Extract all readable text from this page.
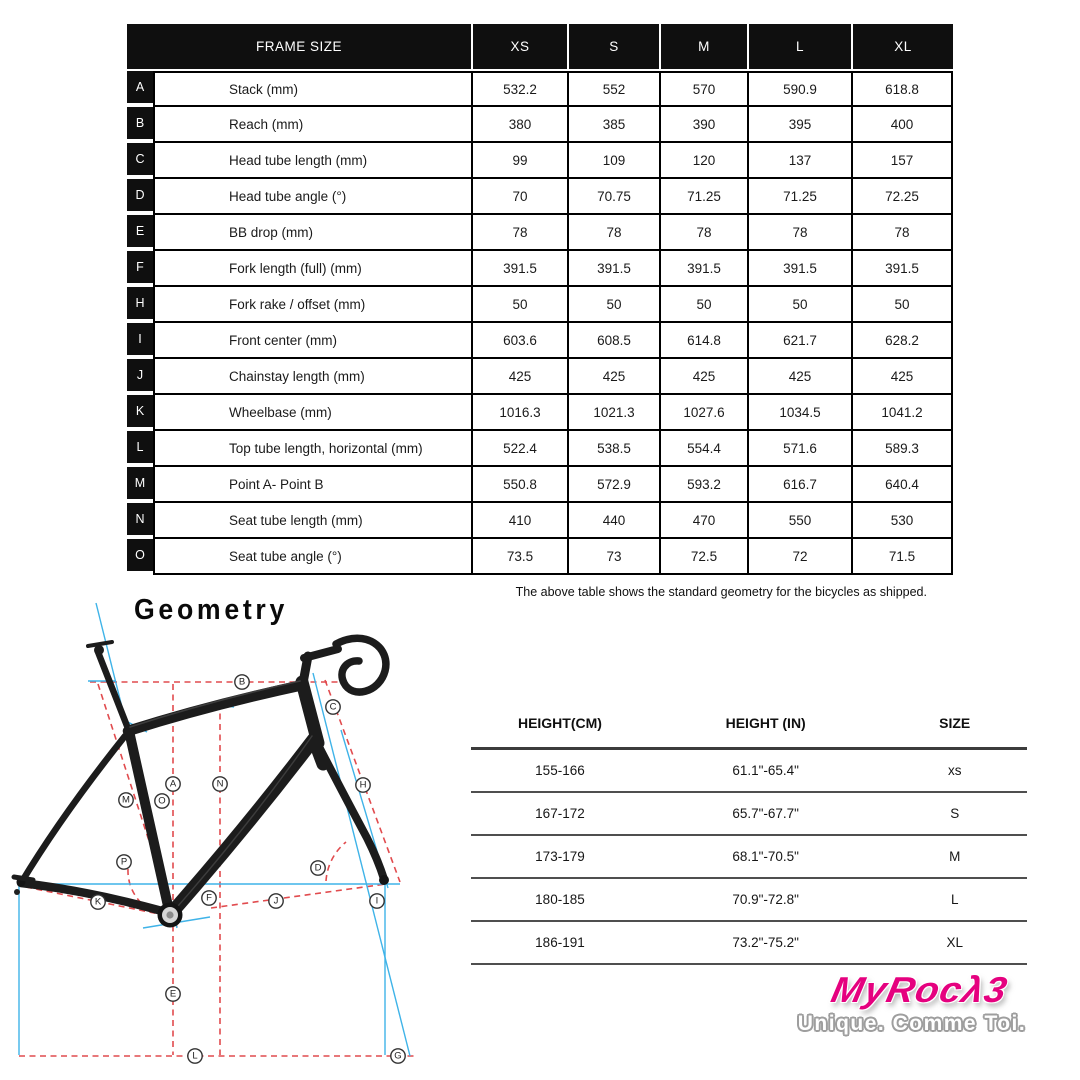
FRAME SIZE	XS	S	M	L	XL
A	Stack (mm)	532.2	552	570	590.9	618.8
B	Reach (mm)	380	385	390	395	400
C	Head tube length (mm)	99	109	120	137	157
D	Head tube angle (°)	70	70.75	71.25	71.25	72.25
E	BB drop (mm)	78	78	78	78	78
F	Fork length (full) (mm)	391.5	391.5	391.5	391.5	391.5
H	Fork rake / offset (mm)	50	50	50	50	50
I	Front center (mm)	603.6	608.5	614.8	621.7	628.2
J	Chainstay length (mm)	425	425	425	425	425
K	Wheelbase (mm)	1016.3	1021.3	1027.6	1034.5	1041.2
L	Top tube length, horizontal (mm)	522.4	538.5	554.4	571.6	589.3
M	Point A- Point B	550.8	572.9	593.2	616.7	640.4
N	Seat tube length (mm)	410	440	470	550	530
O	Seat tube angle (°)	73.5	73	72.5	72	71.5
The above table shows the standard geometry for the bicycles as shipped.
Geometry
A
B
C
D
E
F
G
H
I
J
K
L
M
N
O
P
HEIGHT(CM)	HEIGHT (IN)	SIZE
155-166	61.1"-65.4"	xs
167-172	65.7"-67.7"	S
173-179	68.1"-70.5"	M
180-185	70.9"-72.8"	L
186-191	73.2"-75.2"	XL
MyRocλ3
Unique. Comme Toi.
